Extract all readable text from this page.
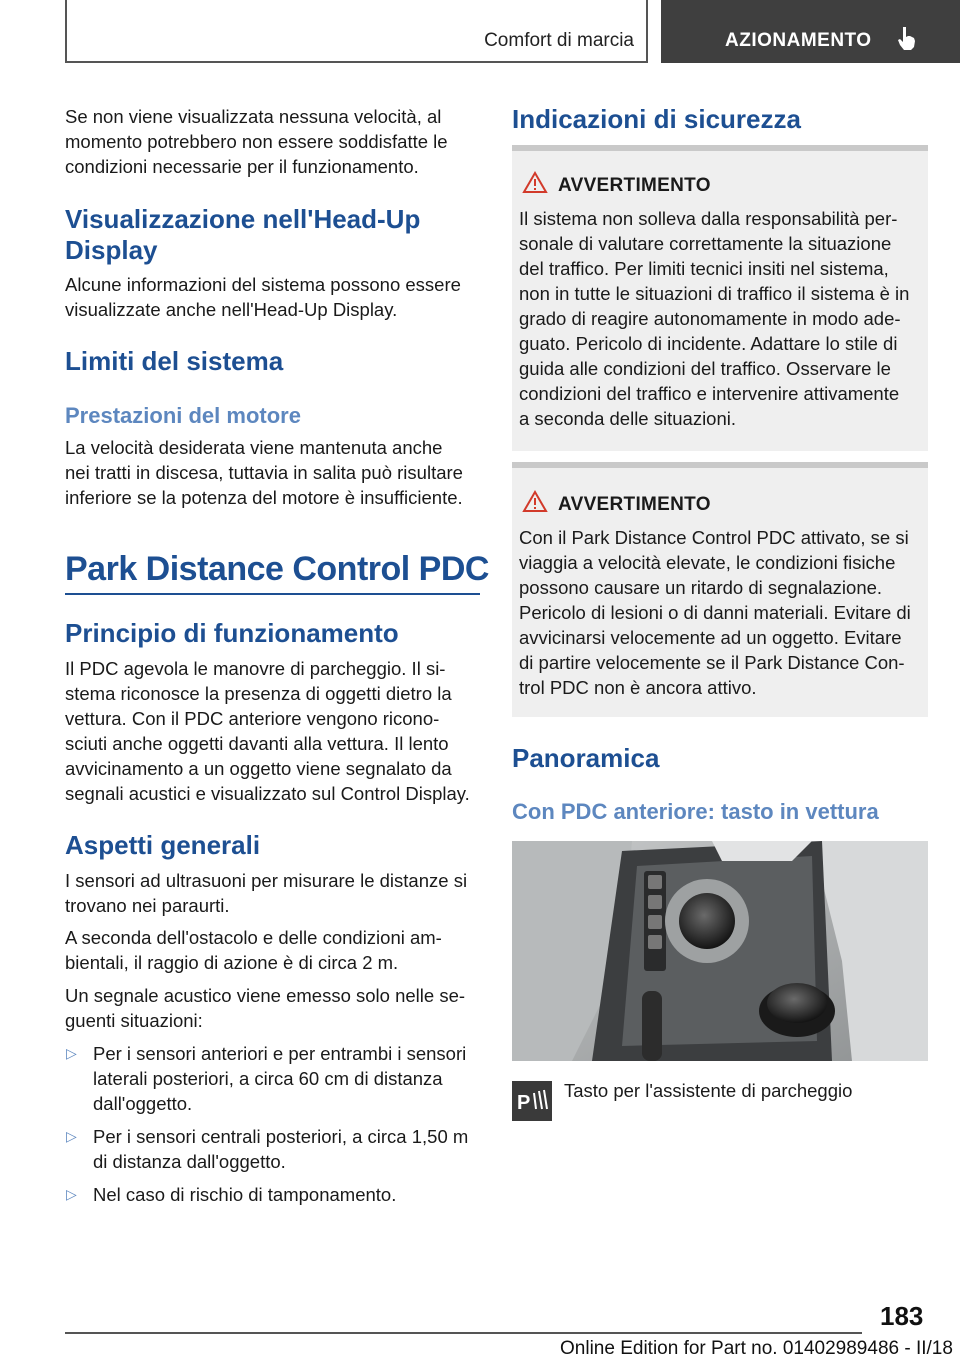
Comfort di marcia	AZIONAMENTO
Se non viene visualizzata nessuna velocità, al
momento potrebbero non essere soddisfatte le
condizioni necessarie per il funzionamento.
Visualizzazione nell'Head-Up
Display
Alcune informazioni del sistema possono essere
visualizzate anche nell'Head-Up Display.
Limiti del sistema
Prestazioni del motore
La velocità desiderata viene mantenuta anche
nei tratti in discesa, tuttavia in salita può risultare
inferiore se la potenza del motore è insufficiente.
Park Distance Control PDC
Principio di funzionamento
Il PDC agevola le manovre di parcheggio. Il si-
stema riconosce la presenza di oggetti dietro la
vettura. Con il PDC anteriore vengono ricono-
sciuti anche oggetti davanti alla vettura. Il lento
avvicinamento a un oggetto viene segnalato da
segnali acustici e visualizzato sul Control Display.
Aspetti generali
I sensori ad ultrasuoni per misurare le distanze si
trovano nei paraurti.
A seconda dell'ostacolo e delle condizioni am-
bientali, il raggio di azione è di circa 2 m.
Un segnale acustico viene emesso solo nelle se-
guenti situazioni:
▷ Per i sensori anteriori e per entrambi i sensori
laterali posteriori, a circa 60 cm di distanza
dall'oggetto.
▷ Per i sensori centrali posteriori, a circa 1,50 m
di distanza dall'oggetto.
▷ Nel caso di rischio di tamponamento.
Indicazioni di sicurezza
AVVERTIMENTO
Il sistema non solleva dalla responsabilità per-
sonale di valutare correttamente la situazione
del traffico. Per limiti tecnici insiti nel sistema,
non in tutte le situazioni di traffico il sistema è in
grado di reagire autonomamente in modo ade-
guato. Pericolo di incidente. Adattare lo stile di
guida alle condizioni del traffico. Osservare le
condizioni del traffico e intervenire attivamente
a seconda delle situazioni.
AVVERTIMENTO
Con il Park Distance Control PDC attivato, se si
viaggia a velocità elevate, le condizioni fisiche
possono causare un ritardo di segnalazione.
Pericolo di lesioni o di danni materiali. Evitare di
avvicinarsi velocemente ad un oggetto. Evitare
di partire velocemente se il Park Distance Con-
trol PDC non è ancora attivo.
Panoramica
Con PDC anteriore: tasto in vettura
P
Tasto per l'assistente di parcheggio
183
Online Edition for Part no. 01402989486 - II/18
